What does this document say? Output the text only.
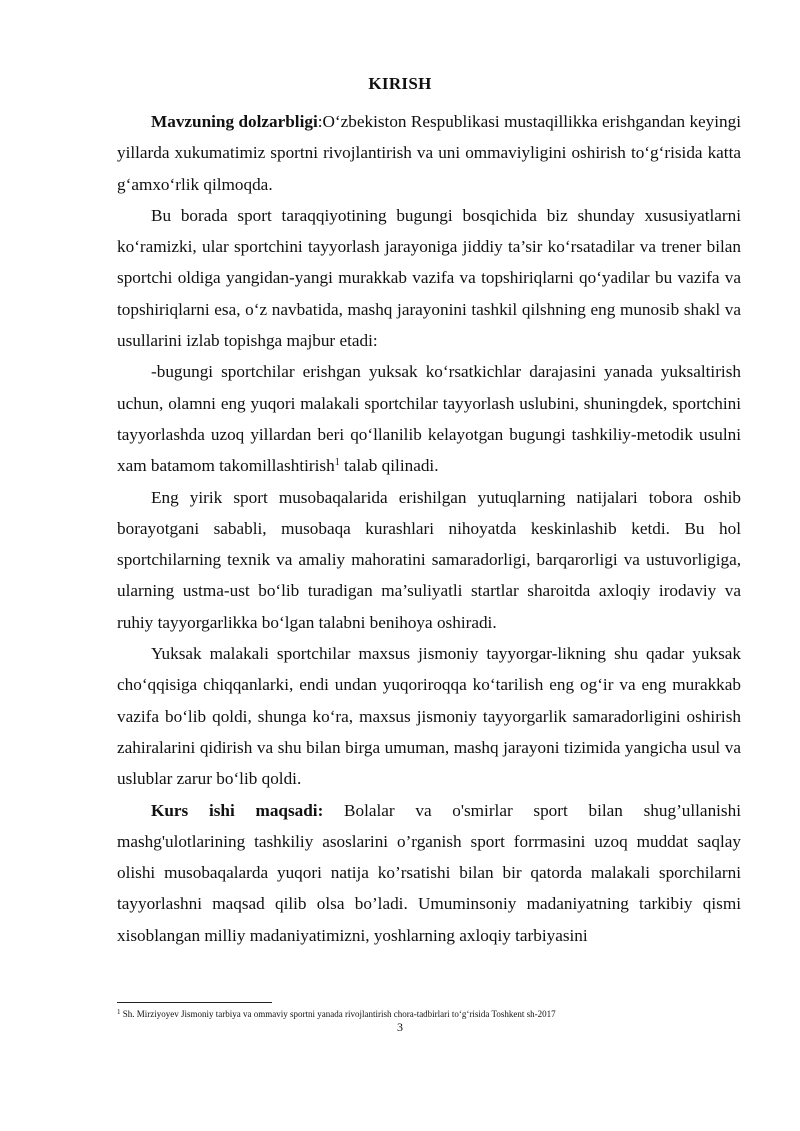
KIRISH

Mavzuning dolzarbligi:O‘zbekiston Respublikasi mustaqillikka erishgandan keyingi yillarda xukumatimiz sportni rivojlantirish va uni ommaviyligini oshirish to‘g‘risida katta g‘amxo‘rlik qilmoqda.

Bu borada sport taraqqiyotining bugungi bosqichida biz shunday xususiyatlarni ko‘ramizki, ular sportchini tayyorlash jarayoniga jiddiy ta’sir ko‘rsatadilar va trener bilan sportchi oldiga yangidan-yangi murakkab vazifa va topshiriqlarni qo‘yadilar bu vazifa va topshiriqlarni esa, o‘z navbatida, mashq jarayonini tashkil qilshning eng munosib shakl va usullarini izlab topishga majbur etadi:

-bugungi sportchilar erishgan yuksak ko‘rsatkichlar darajasini yanada yuksaltirish uchun, olamni eng yuqori malakali sportchilar tayyorlash uslubini, shuningdek, sportchini tayyorlashda uzoq yillardan beri qo‘llanilib kelayotgan bugungi tashkiliy-metodik usulni xam batamom takomillashtirish$^1$ talab qilinadi.

Eng yirik sport musobaqalarida erishilgan yutuqlarning natijalari tobora oshib borayotgani sababli, musobaqa kurashlari nihoyatda keskinlashib ketdi. Bu hol sportchilarning texnik va amaliy mahoratini samaradorligi, barqarorligi va ustuvorligiga, ularning ustma-ust bo‘lib turadigan ma’suliyatli startlar sharoitda axloqiy irodaviy va ruhiy tayyorgarlikka bo‘lgan talabni benihoya oshiradi.

Yuksak malakali sportchilar maxsus jismoniy tayyorgar-likning shu qadar yuksak cho‘qqisiga chiqqanlarki, endi undan yuqoriroqqa ko‘tarilish eng og‘ir va eng murakkab vazifa bo‘lib qoldi, shunga ko‘ra, maxsus jismoniy tayyorgarlik samaradorligini oshirish zahiralarini qidirish va shu bilan birga umuman, mashq jarayoni tizimida yangicha usul va uslublar zarur bo‘lib qoldi.

Kurs ishi maqsadi: Bolalar va o'smirlar sport bilan shug’ullanishi mashg'ulotlarining tashkiliy asoslarini o’rganish sport forrmasini uzoq muddat saqlay olishi musobaqalarda yuqori natija ko’rsatishi bilan bir qatorda malakali sporchilarni tayyorlashni maqsad qilib olsa bo’ladi. Umuminsoniy madaniyatning tarkibiy qismi xisoblangan milliy madaniyatimizni, yoshlarning axloqiy tarbiyasini

$^1$ Sh. Mirziyoyev Jismoniy tarbiya va ommaviy sportni yanada rivojlantirish chora-tadbirlari to‘g‘risida Toshkent sh-2017
3
